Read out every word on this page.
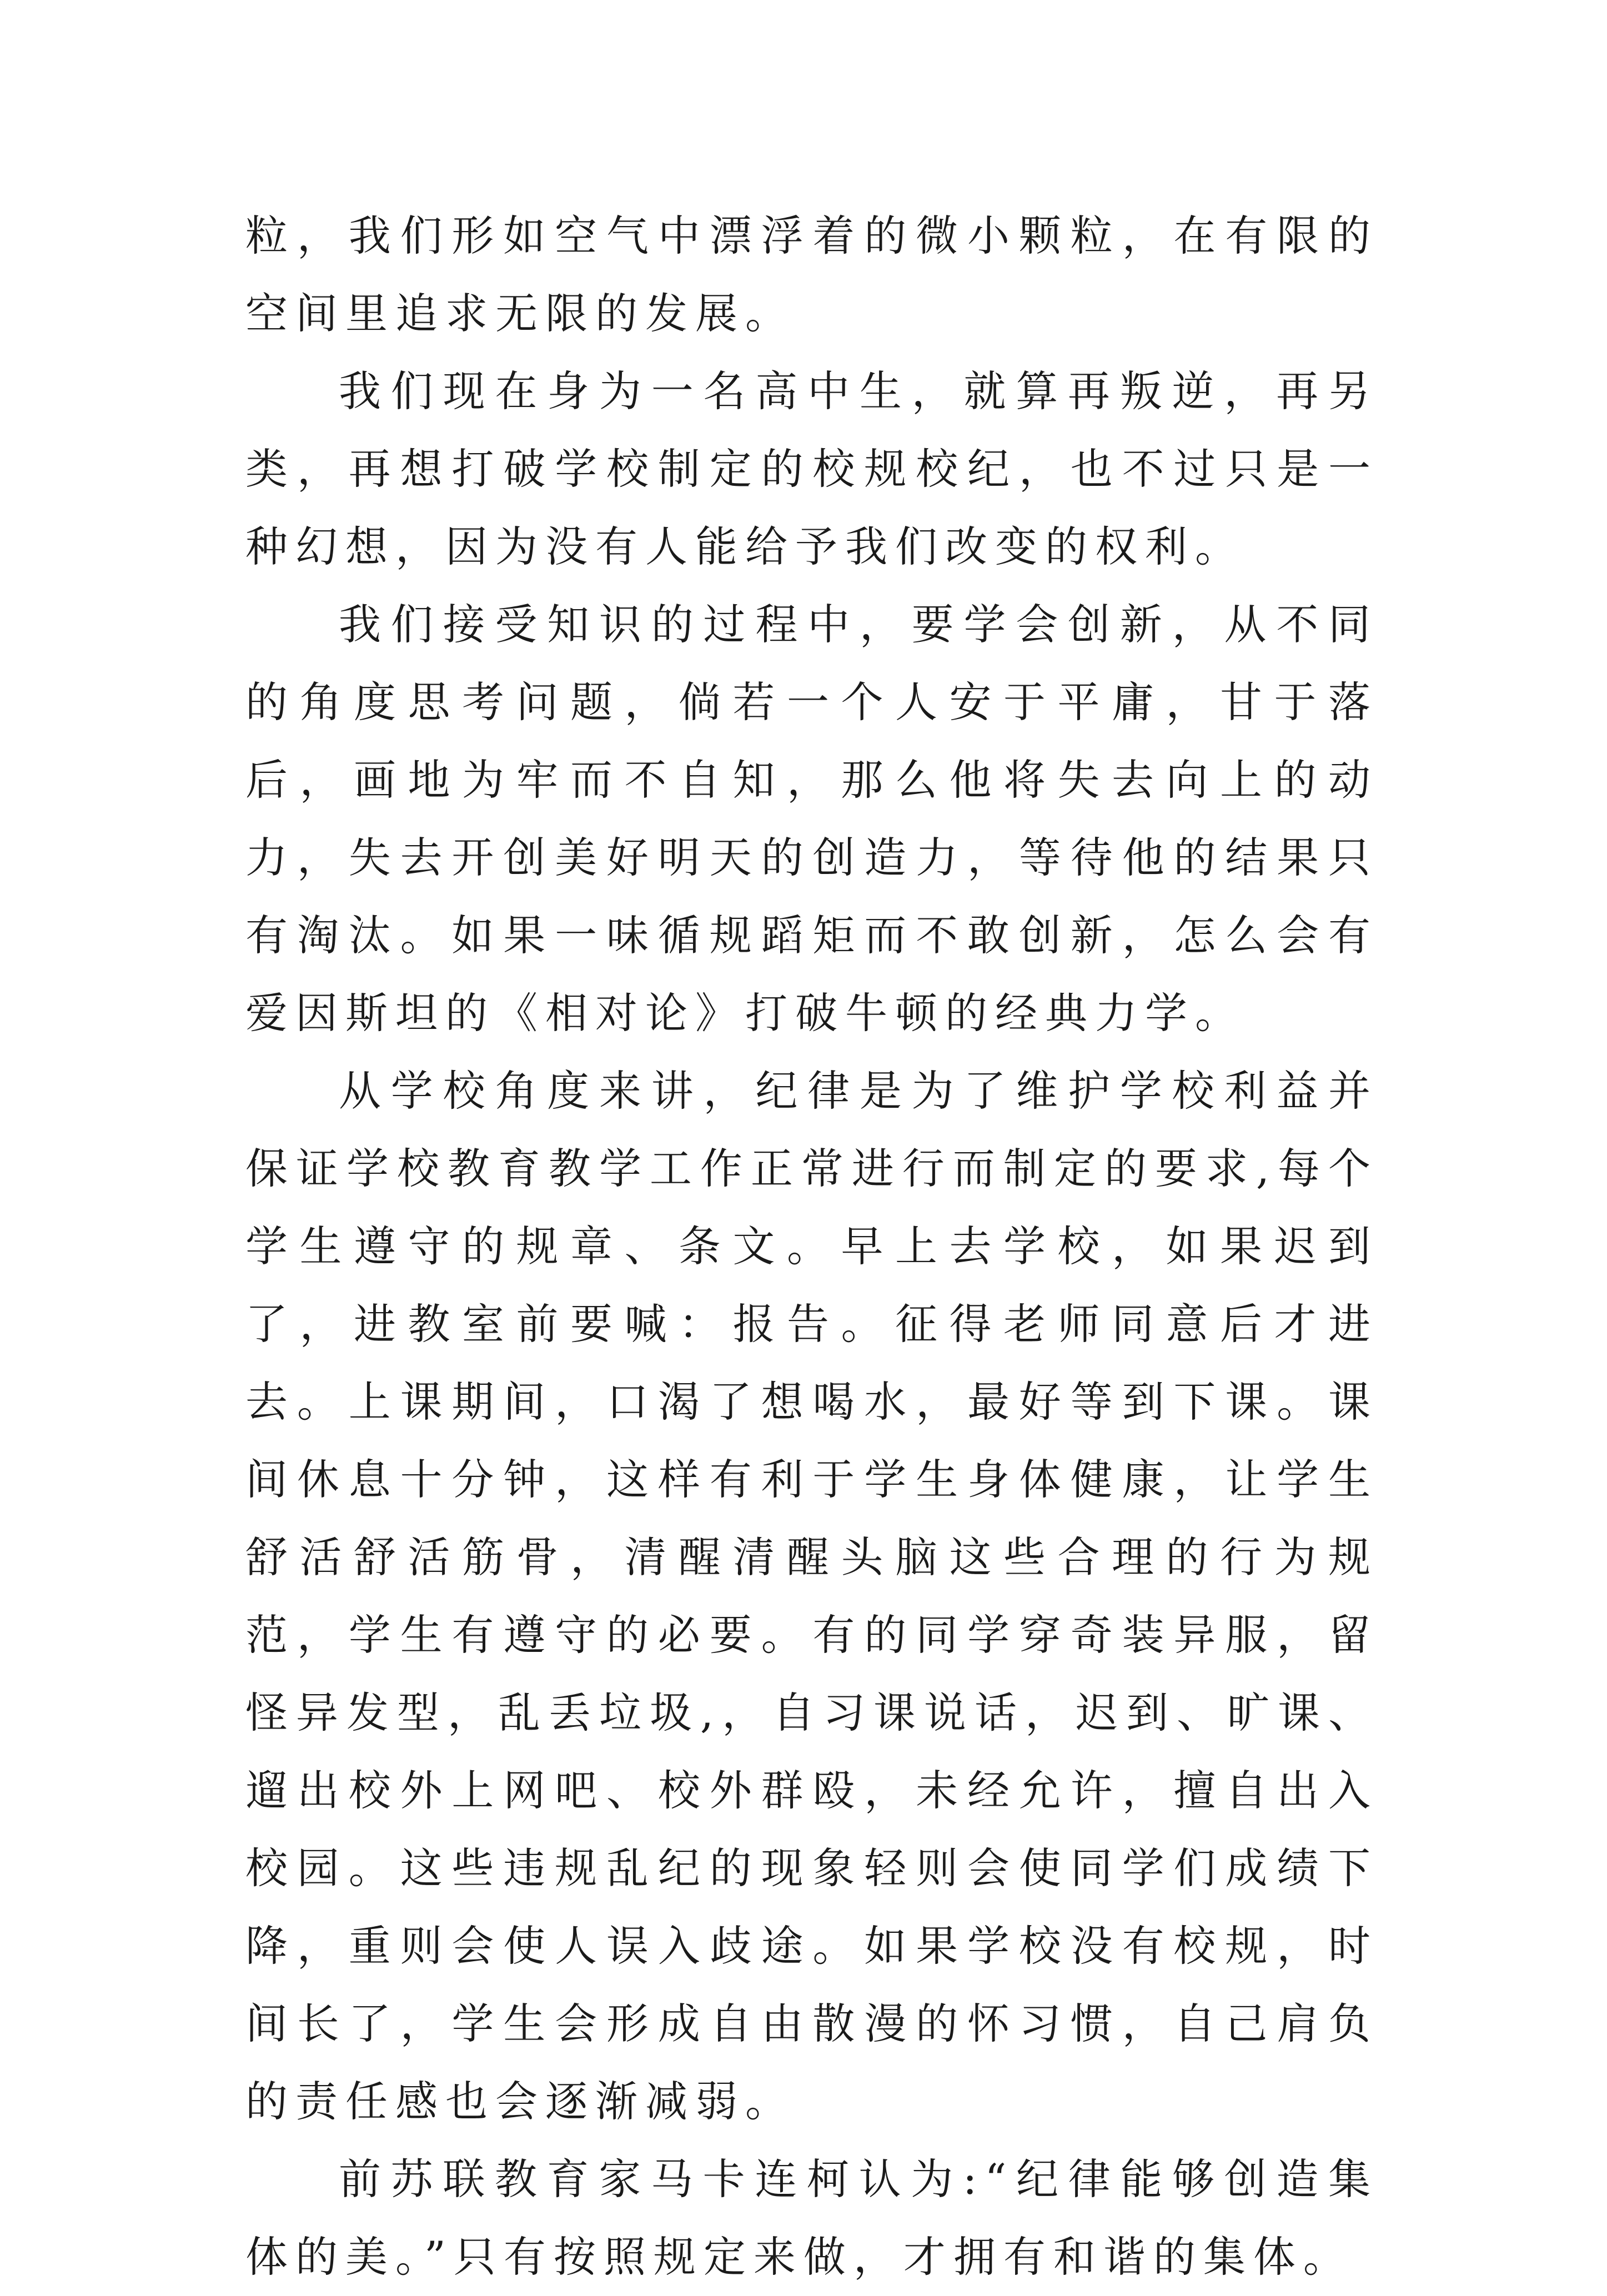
粒，我们形如空气中漂浮着的微小颗粒，在有限的空间里追求无限的发展。

我们现在身为一名高中生，就算再叛逆，再另类，再想打破学校制定的校规校纪，也不过只是一种幻想，因为没有人能给予我们改变的权利。

我们接受知识的过程中，要学会创新，从不同的角度思考问题，倘若一个人安于平庸，甘于落后，画地为牢而不自知，那么他将失去向上的动力，失去开创美好明天的创造力，等待他的结果只有淘汰。如果一味循规蹈矩而不敢创新，怎么会有爱因斯坦的《相对论》打破牛顿的经典力学。

从学校角度来讲，纪律是为了维护学校利益并保证学校教育教学工作正常进行而制定的要求,每个学生遵守的规章、条文。早上去学校，如果迟到了，进教室前要喊：报告。征得老师同意后才进去。上课期间，口渴了想喝水，最好等到下课。课间休息十分钟，这样有利于学生身体健康，让学生舒活舒活筋骨，清醒清醒头脑这些合理的行为规范，学生有遵守的必要。有的同学穿奇装异服，留怪异发型，乱丢垃圾,，自习课说话，迟到、旷课、遛出校外上网吧、校外群殴，未经允许，擅自出入校园。这些违规乱纪的现象轻则会使同学们成绩下降，重则会使人误入歧途。如果学校没有校规，时间长了，学生会形成自由散漫的怀习惯，自己肩负的责任感也会逐渐减弱。

前苏联教育家马卡连柯认为:“纪律能够创造集体的美。”只有按照规定来做，才拥有和谐的集体。
